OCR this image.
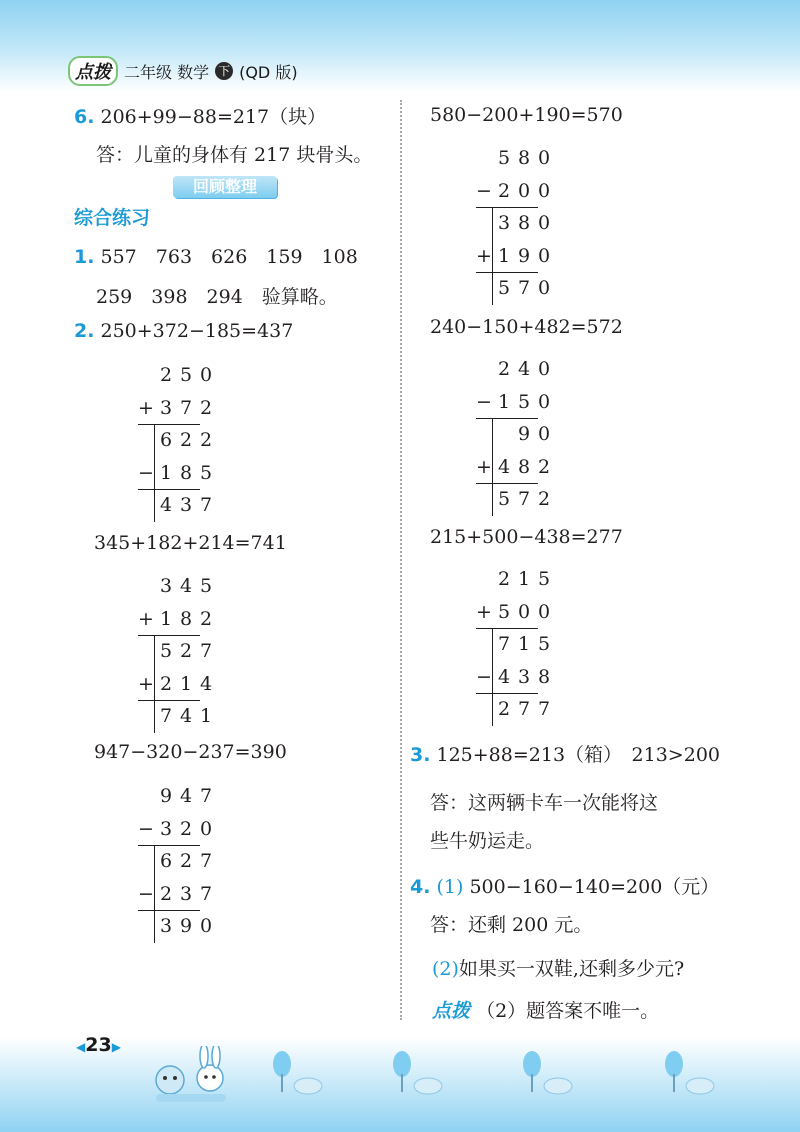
点拨 二年级 数学 下 (QD 版)
6. 206+99−88=217（块）
答：儿童的身体有 217 块骨头。
回顾整理
综合练习
1. 557　763　626　159　108
259　398　294　验算略。
2. 250+372−185=437
2 5 0
+ 3 7 2
6 2 2
− 1 8 5
4 3 7
345+182+214=741
3 4 5
+ 1 8 2
5 2 7
+ 2 1 4
7 4 1
947−320−237=390
9 4 7
− 3 2 0
6 2 7
− 2 3 7
3 9 0
580−200+190=570
5 8 0
− 2 0 0
3 8 0
+ 1 9 0
5 7 0
240−150+482=572
2 4 0
− 1 5 0
9 0
+ 4 8 2
5 7 2
215+500−438=277
2 1 5
+ 5 0 0
7 1 5
− 4 3 8
2 7 7
3. 125+88=213（箱）　213>200
答：这两辆卡车一次能将这
些牛奶运走。
4. (1) 500−160−140=200（元）
答：还剩 200 元。
(2)如果买一双鞋,还剩多少元?
点拨 （2）题答案不唯一。
◀23▶
